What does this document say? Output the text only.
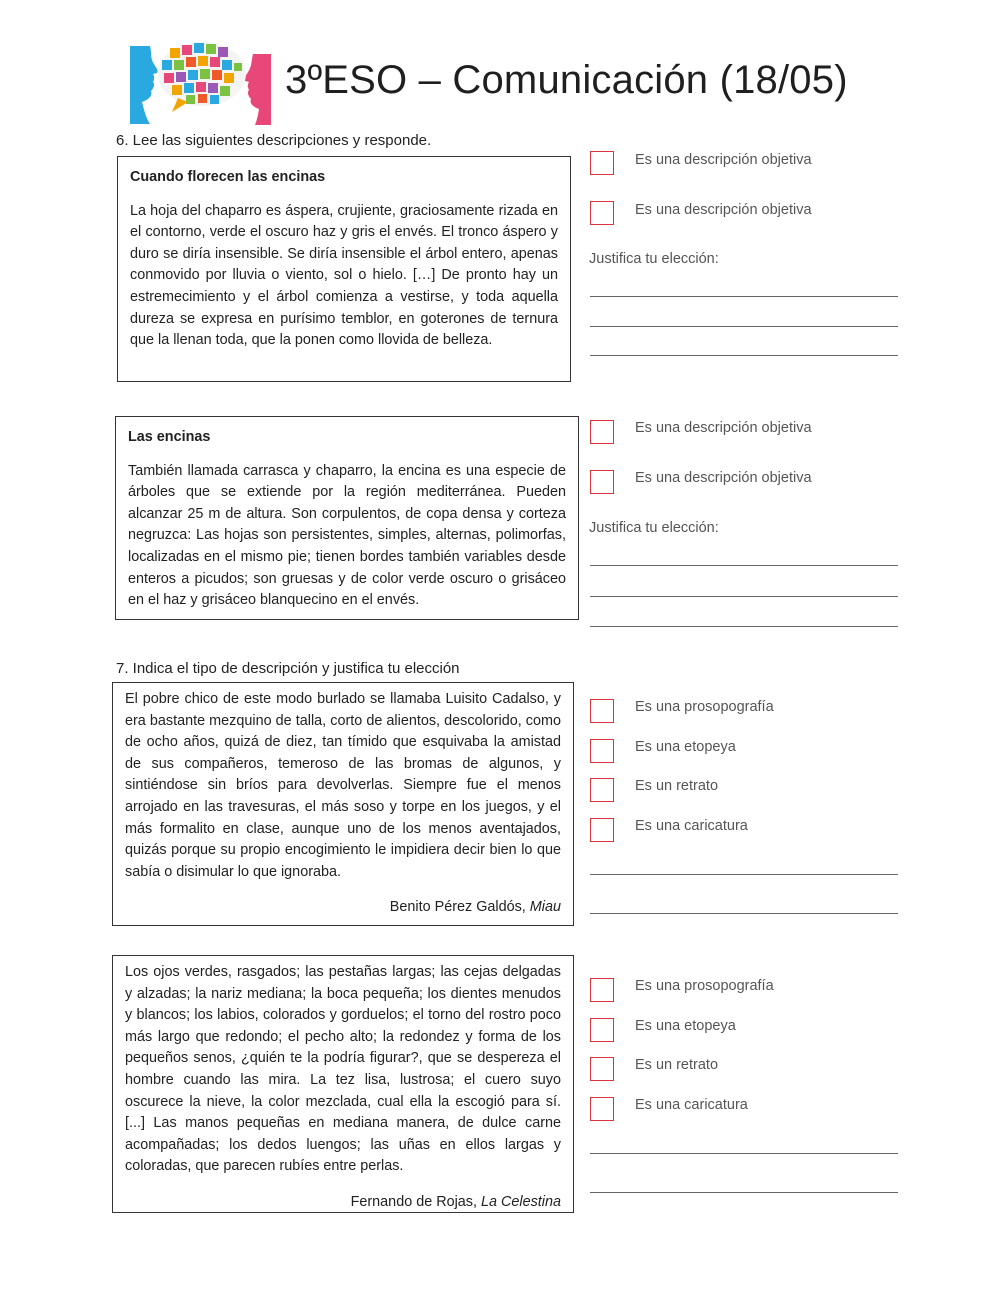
3ºESO – Comunicación (18/05)
6. Lee las siguientes descripciones y responde.
Cuando florecen las encinas
La hoja del chaparro es áspera, crujiente, graciosamente rizada en el contorno, verde el oscuro haz y gris el envés. El tronco áspero y duro se diría insensible. Se diría insensible el árbol entero, apenas conmovido por lluvia o viento, sol o hielo. […] De pronto hay un estremecimiento y el árbol comienza a vestirse, y toda aquella dureza se expresa en purísimo temblor, en goterones de ternura que la llenan toda, que la ponen como llovida de belleza.
Es una descripción objetiva
Es una descripción objetiva
Justifica tu elección:
Las encinas
También llamada carrasca y chaparro, la encina es una especie de árboles que se extiende por la región mediterránea. Pueden alcanzar 25 m de altura. Son corpulentos, de copa densa y corteza negruzca: Las hojas son persistentes, simples, alternas, polimorfas, localizadas en el mismo pie; tienen bordes también variables desde enteros a picudos; son gruesas y de color verde oscuro o grisáceo en el haz y grisáceo blanquecino en el envés.
Es una descripción objetiva
Es una descripción objetiva
Justifica tu elección:
7. Indica el tipo de descripción y justifica tu elección
El pobre chico de este modo burlado se llamaba Luisito Cadalso, y era bastante mezquino de talla, corto de alientos, descolorido, como de ocho años, quizá de diez, tan tímido que esquivaba la amistad de sus compañeros, temeroso de las bromas de algunos, y sintiéndose sin bríos para devolverlas. Siempre fue el menos arrojado en las travesuras, el más soso y torpe en los juegos, y el más formalito en clase, aunque uno de los menos aventajados, quizás porque su propio encogimiento le impidiera decir bien lo que sabía o disimular lo que ignoraba.
Benito Pérez Galdós, Miau
Es una prosopografía
Es una etopeya
Es un retrato
Es una caricatura
Los ojos verdes, rasgados; las pestañas largas; las cejas delgadas y alzadas; la nariz mediana; la boca pequeña; los dientes menudos y blancos; los labios, colorados y gorduelos; el torno del rostro poco más largo que redondo; el pecho alto; la redondez y forma de los pequeños senos, ¿quién te la podría figurar?, que se despereza el hombre cuando las mira. La tez lisa, lustrosa; el cuero suyo oscurece la nieve, la color mezclada, cual ella la escogió para sí. [...] Las manos pequeñas en mediana manera, de dulce carne acompañadas; los dedos luengos; las uñas en ellos largas y coloradas, que parecen rubíes entre perlas.
Fernando de Rojas, La Celestina
Es una prosopografía
Es una etopeya
Es un retrato
Es una caricatura
